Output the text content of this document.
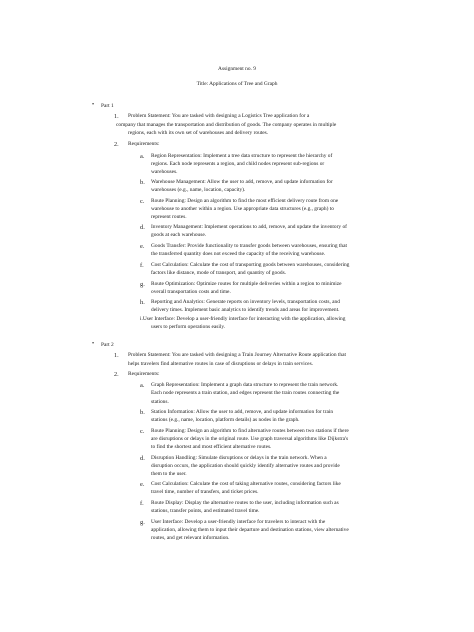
Assignment no. 9
Title: Applications of Tree and Graph
• Part 1
1. Problem Statement: You are tasked with designing a Logistics Tree application for a
company that manages the transportation and distribution of goods. The company operates in multiple
regions, each with its own set of warehouses and delivery routes.
2. Requirements:
a. Region Representation: Implement a tree data structure to represent the hierarchy of
regions. Each node represents a region, and child nodes represent sub-regions or
warehouses.
b. Warehouse Management: Allow the user to add, remove, and update information for
warehouses (e.g., name, location, capacity).
c. Route Planning: Design an algorithm to find the most efficient delivery route from one
warehouse to another within a region. Use appropriate data structures (e.g., graph) to
represent routes.
d. Inventory Management: Implement operations to add, remove, and update the inventory of
goods at each warehouse.
e. Goods Transfer: Provide functionality to transfer goods between warehouses, ensuring that
the transferred quantity does not exceed the capacity of the receiving warehouse.
f. Cost Calculation: Calculate the cost of transporting goods between warehouses, considering
factors like distance, mode of transport, and quantity of goods.
g. Route Optimization: Optimize routes for multiple deliveries within a region to minimize
overall transportation costs and time.
h. Reporting and Analytics: Generate reports on inventory levels, transportation costs, and
delivery times. Implement basic analytics to identify trends and areas for improvement.
i.User Interface: Develop a user-friendly interface for interacting with the application, allowing
users to perform operations easily.
• Part 2
1. Problem Statement: You are tasked with designing a Train Journey Alternative Route application that
helps travelers find alternative routes in case of disruptions or delays in train services.
2. Requirements:
a. Graph Representation: Implement a graph data structure to represent the train network.
Each node represents a train station, and edges represent the train routes connecting the
stations.
b. Station Information: Allow the user to add, remove, and update information for train
stations (e.g., name, location, platform details) as nodes in the graph.
c. Route Planning: Design an algorithm to find alternative routes between two stations if there
are disruptions or delays in the original route. Use graph traversal algorithms like Dijkstra's
to find the shortest and most efficient alternative routes.
d. Disruption Handling: Simulate disruptions or delays in the train network. When a
disruption occurs, the application should quickly identify alternative routes and provide
them to the user.
e. Cost Calculation: Calculate the cost of taking alternative routes, considering factors like
travel time, number of transfers, and ticket prices.
f. Route Display: Display the alternative routes to the user, including information such as
stations, transfer points, and estimated travel time.
g. User Interface: Develop a user-friendly interface for travelers to interact with the
application, allowing them to input their departure and destination stations, view alternative
routes, and get relevant information.
